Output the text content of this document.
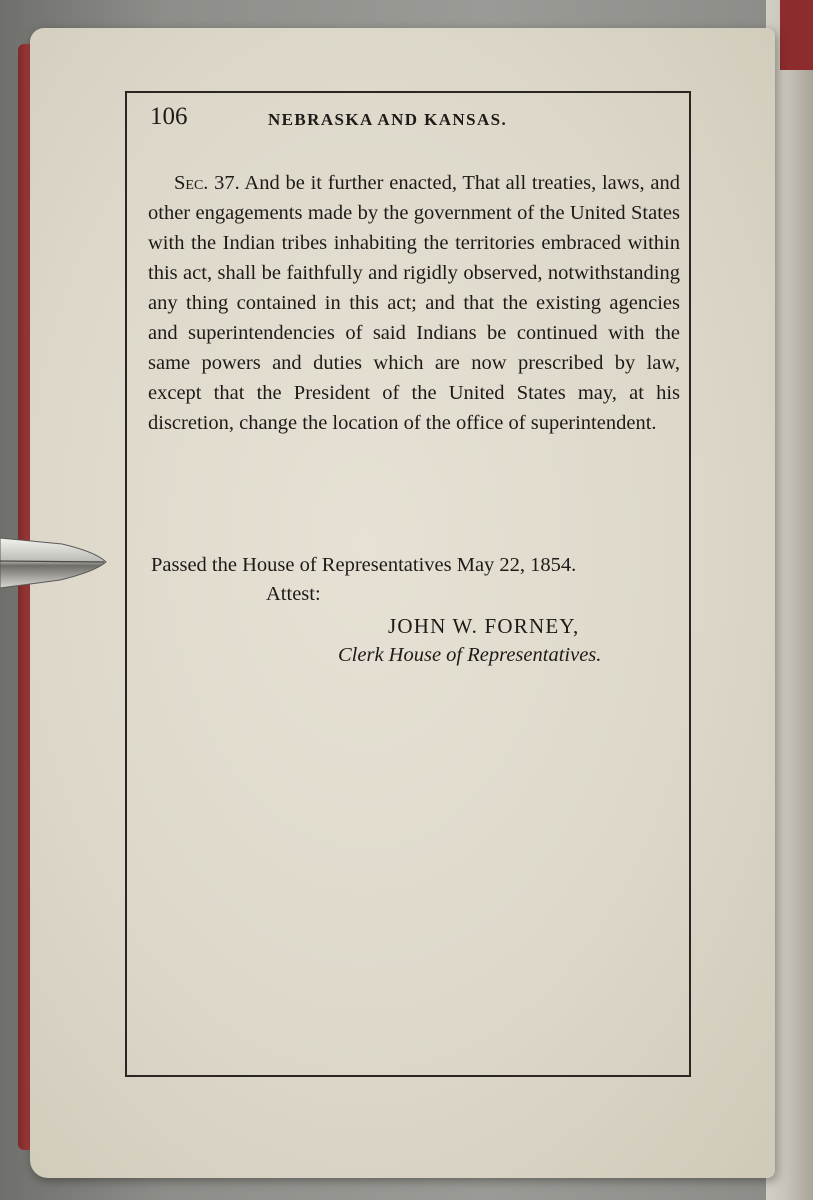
106	NEBRASKA AND KANSAS.

Sec. 37. And be it further enacted, That all treaties, laws, and other engagements made by the government of the United States with the Indian tribes inhabiting the territories embraced within this act, shall be faithfully and rigidly observed, notwithstanding any thing contained in this act; and that the existing agencies and superintendencies of said Indians be continued with the same powers and duties which are now prescribed by law, except that the President of the United States may, at his discretion, change the location of the office of superintendent.

Passed the House of Representatives May 22, 1854.

Attest:

JOHN W. FORNEY,

Clerk House of Representatives.
